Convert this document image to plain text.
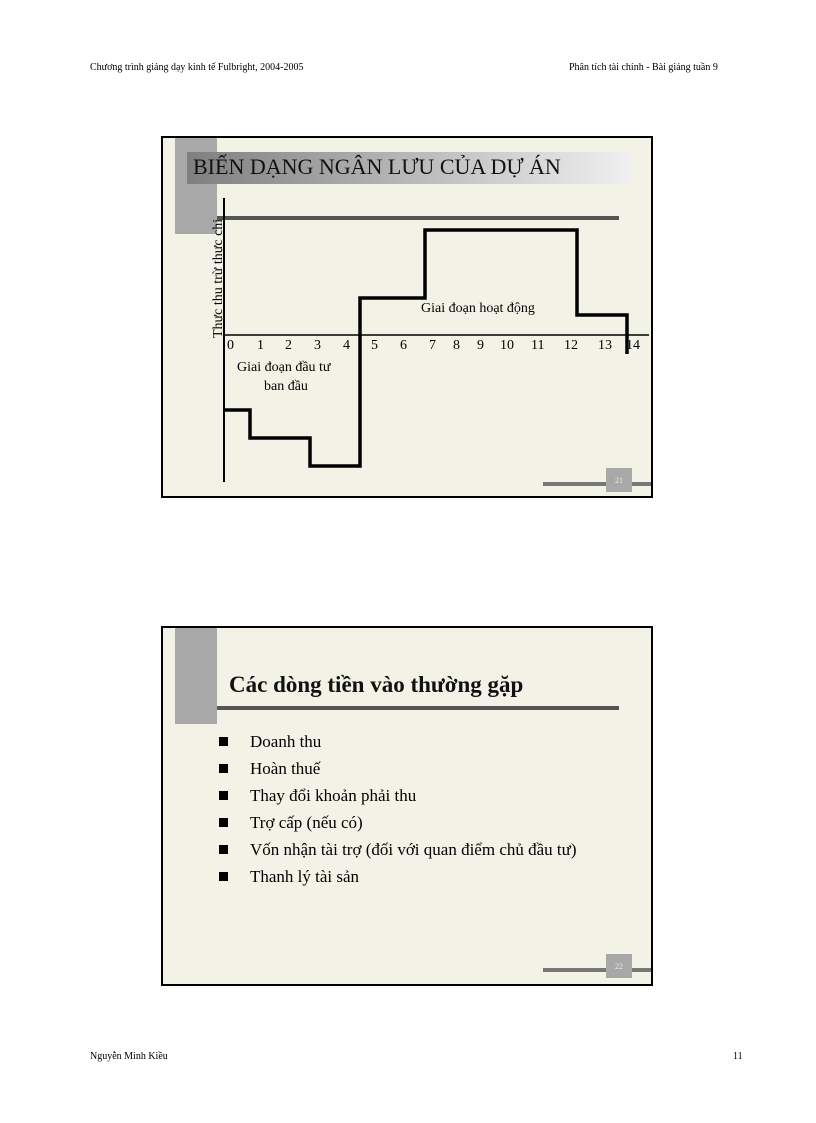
Chương trình giảng dạy kinh tế Fulbright, 2004-2005	Phân tích tài chính - Bài giảng tuần 9
BIẾN DẠNG NGÂN LƯU CỦA DỰ ÁN
Thực thu trừ thực chi
0 1 2 3 4 5 6 7 8 9 10 11 12 13 14
Giai đoạn hoạt động
Giai đoạn đầu tư
ban đầu
21
Các dòng tiền vào thường gặp
Doanh thu
Hoàn thuế
Thay đổi khoản phải thu
Trợ cấp (nếu có)
Vốn nhận tài trợ (đối với quan điểm chủ đầu tư)
Thanh lý tài sản
22
Nguyễn Minh Kiều	11
